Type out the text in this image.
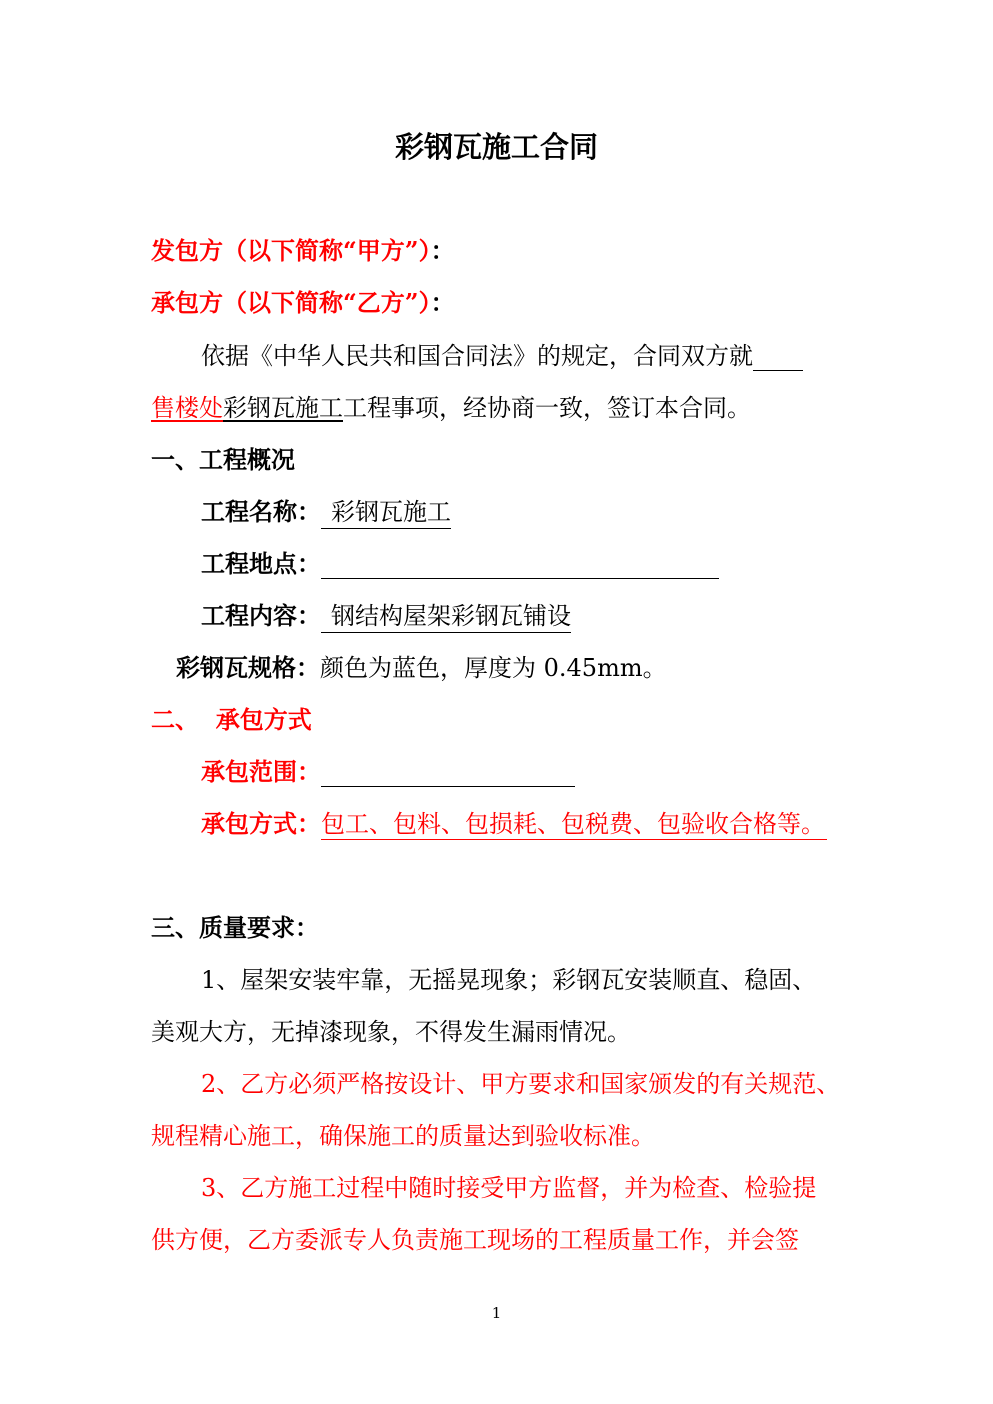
彩钢瓦施工合同
发包方（以下简称“甲方”）：
承包方（以下简称“乙方”）：
依据《中华人民共和国合同法》的规定，合同双方就
售楼处彩钢瓦施工工程事项，经协商一致，签订本合同。
一、工程概况
工程名称： 彩钢瓦施工
工程地点：
工程内容： 钢结构屋架彩钢瓦铺设
彩钢瓦规格：颜色为蓝色，厚度为 0.45mm。
二、  承包方式
承包范围：
承包方式：包工、包料、包损耗、包税费、包验收合格等。
三、质量要求：
1、屋架安装牢靠，无摇晃现象；彩钢瓦安装顺直、稳固、
美观大方，无掉漆现象，不得发生漏雨情况。
2、乙方必须严格按设计、甲方要求和国家颁发的有关规范、
规程精心施工，确保施工的质量达到验收标准。
3、乙方施工过程中随时接受甲方监督，并为检查、检验提
供方便，乙方委派专人负责施工现场的工程质量工作，并会签
1
